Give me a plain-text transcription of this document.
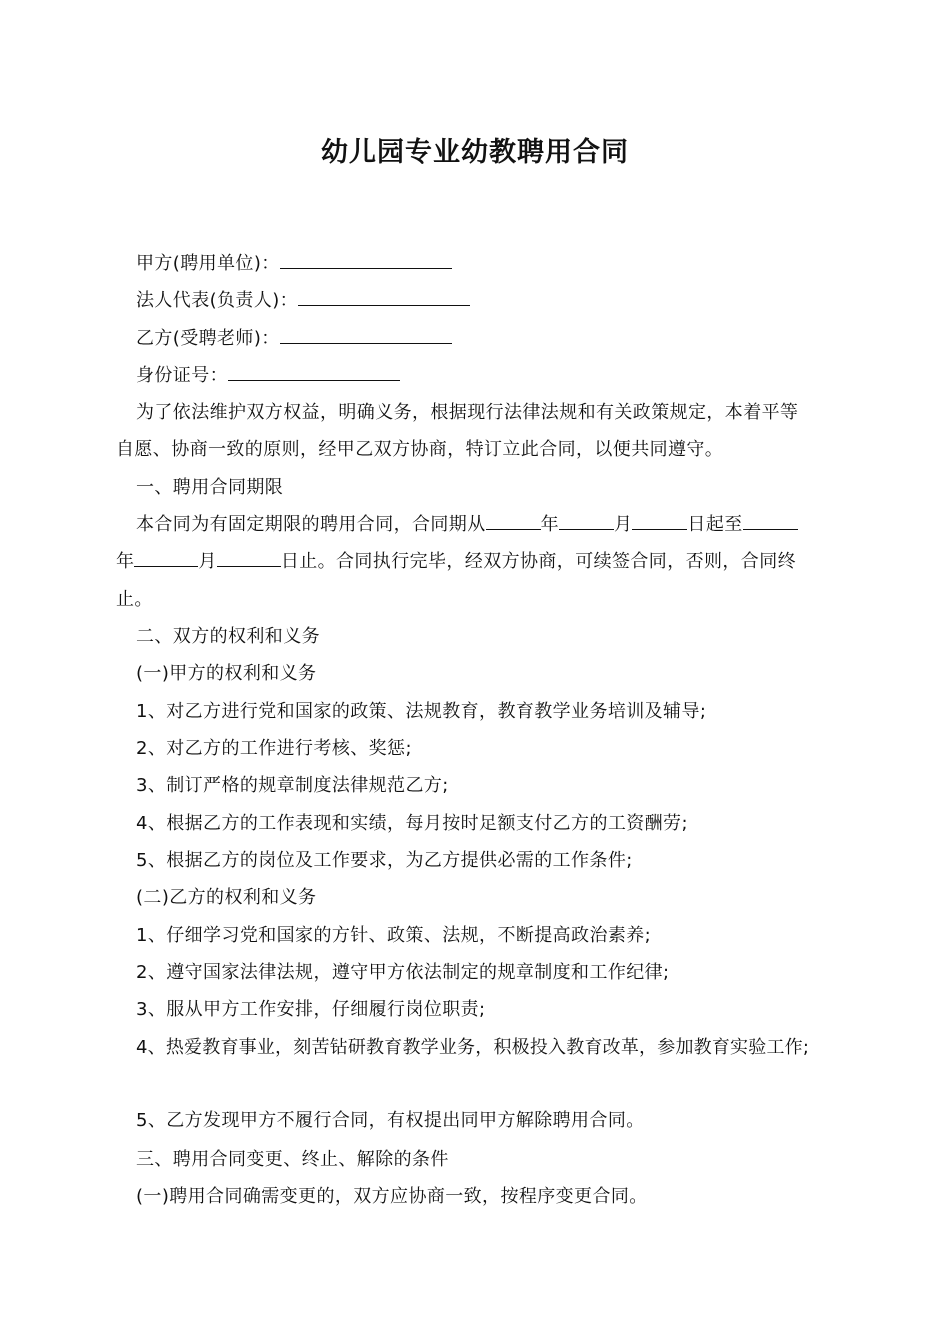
幼儿园专业幼教聘用合同
甲方(聘用单位)：
法人代表(负责人)：
乙方(受聘老师)：
身份证号：
为了依法维护双方权益，明确义务，根据现行法律法规和有关政策规定，本着平等
自愿、协商一致的原则，经甲乙双方协商，特订立此合同，以便共同遵守。
一、聘用合同期限
本合同为有固定期限的聘用合同，合同期从	年	月	日起至
年	月	日止。合同执行完毕，经双方协商，可续签合同，否则，合同终
止。
二、双方的权利和义务
(一)甲方的权利和义务
1、对乙方进行党和国家的政策、法规教育，教育教学业务培训及辅导;
2、对乙方的工作进行考核、奖惩;
3、制订严格的规章制度法律规范乙方;
4、根据乙方的工作表现和实绩，每月按时足额支付乙方的工资酬劳;
5、根据乙方的岗位及工作要求，为乙方提供必需的工作条件;
(二)乙方的权利和义务
1、仔细学习党和国家的方针、政策、法规，不断提高政治素养;
2、遵守国家法律法规，遵守甲方依法制定的规章制度和工作纪律;
3、服从甲方工作安排，仔细履行岗位职责;
4、热爱教育事业，刻苦钻研教育教学业务，积极投入教育改革，参加教育实验工作;
5、乙方发现甲方不履行合同，有权提出同甲方解除聘用合同。
三、聘用合同变更、终止、解除的条件
(一)聘用合同确需变更的，双方应协商一致，按程序变更合同。
